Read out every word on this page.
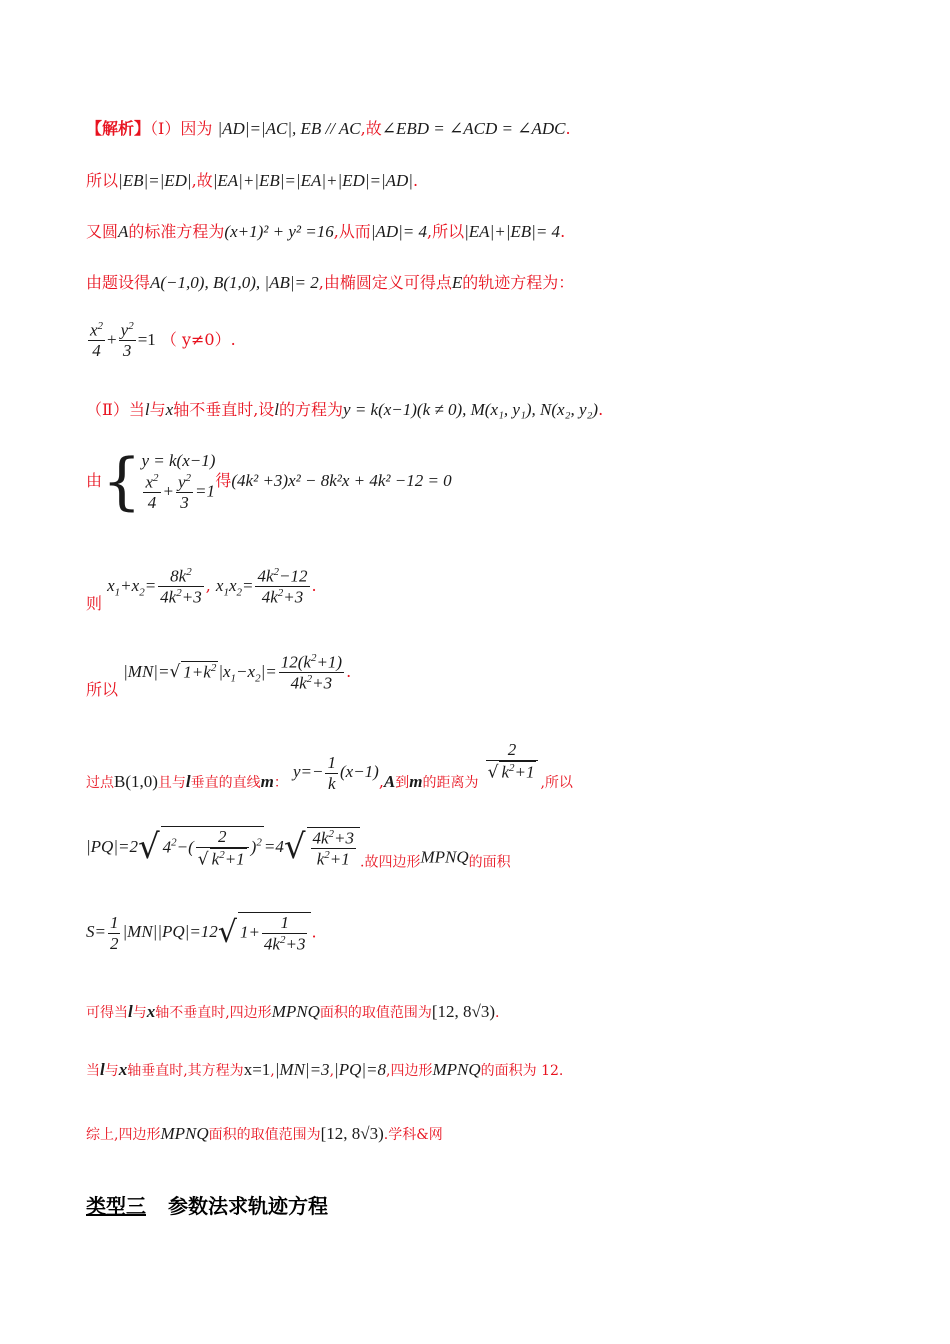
【解析】（Ⅰ）因为 |AD|=|AC|, EB // AC,故∠EBD = ∠ACD = ∠ADC.
所以|EB|=|ED|,故|EA|+|EB|=|EA|+|ED|=|AD|.
又圆A的标准方程为(x+1)² + y² =16,从而|AD|= 4,所以|EA|+|EB|= 4.
由题设得A(−1,0), B(1,0), |AB|= 2,由椭圆定义可得点E的轨迹方程为：
$\frac{x^2}{4} + \frac{y^2}{3} =1$ （ y≠0）.
（Ⅱ）当l与x轴不垂直时,设l的方程为y = k(x−1)(k ≠ 0), M(x₁, y₁), N(x₂, y₂).
由{ y = k(x−1)
$\frac{x^2}{4} + \frac{y^2}{3} =1$
得(4k² +3)x² − 8k²x + 4k² −12 = 0
则 $x_1+x_2= \frac{8k^2}{4k^2+3}$ , $x_1x_2= \frac{4k^2-12}{4k^2+3}$ .
所以 |MN|=√ $1+k^2$ $|x_1-x_2|= \frac{12(k^2+1)}{4k^2+3}$ .
过点B(1,0)且与l垂直的直线m： $y=- \frac{1}{k} (x-1),A$到m的距离为
$\frac{2}{√ k^2+1}$
,所以
|PQ|=2√ $4^2-( \frac{2}{√ k^2+1} )^2 =4√ \frac{4k^2+3}{k^2+1}$ .故四边形MPNQ的面积
$S= \frac{1}{2} |MN||PQ|=12√$ $1+ \frac{1}{4k^2+3}$ .
可得当l与x轴不垂直时,四边形MPNQ面积的取值范围为[12, 8√3).
当l与x轴垂直时,其方程为x=1,|MN|=3,|PQ|=8,四边形MPNQ的面积为 12.
综上,四边形MPNQ面积的取值范围为[12, 8√3).学科&网
类型三 参数法求轨迹方程
